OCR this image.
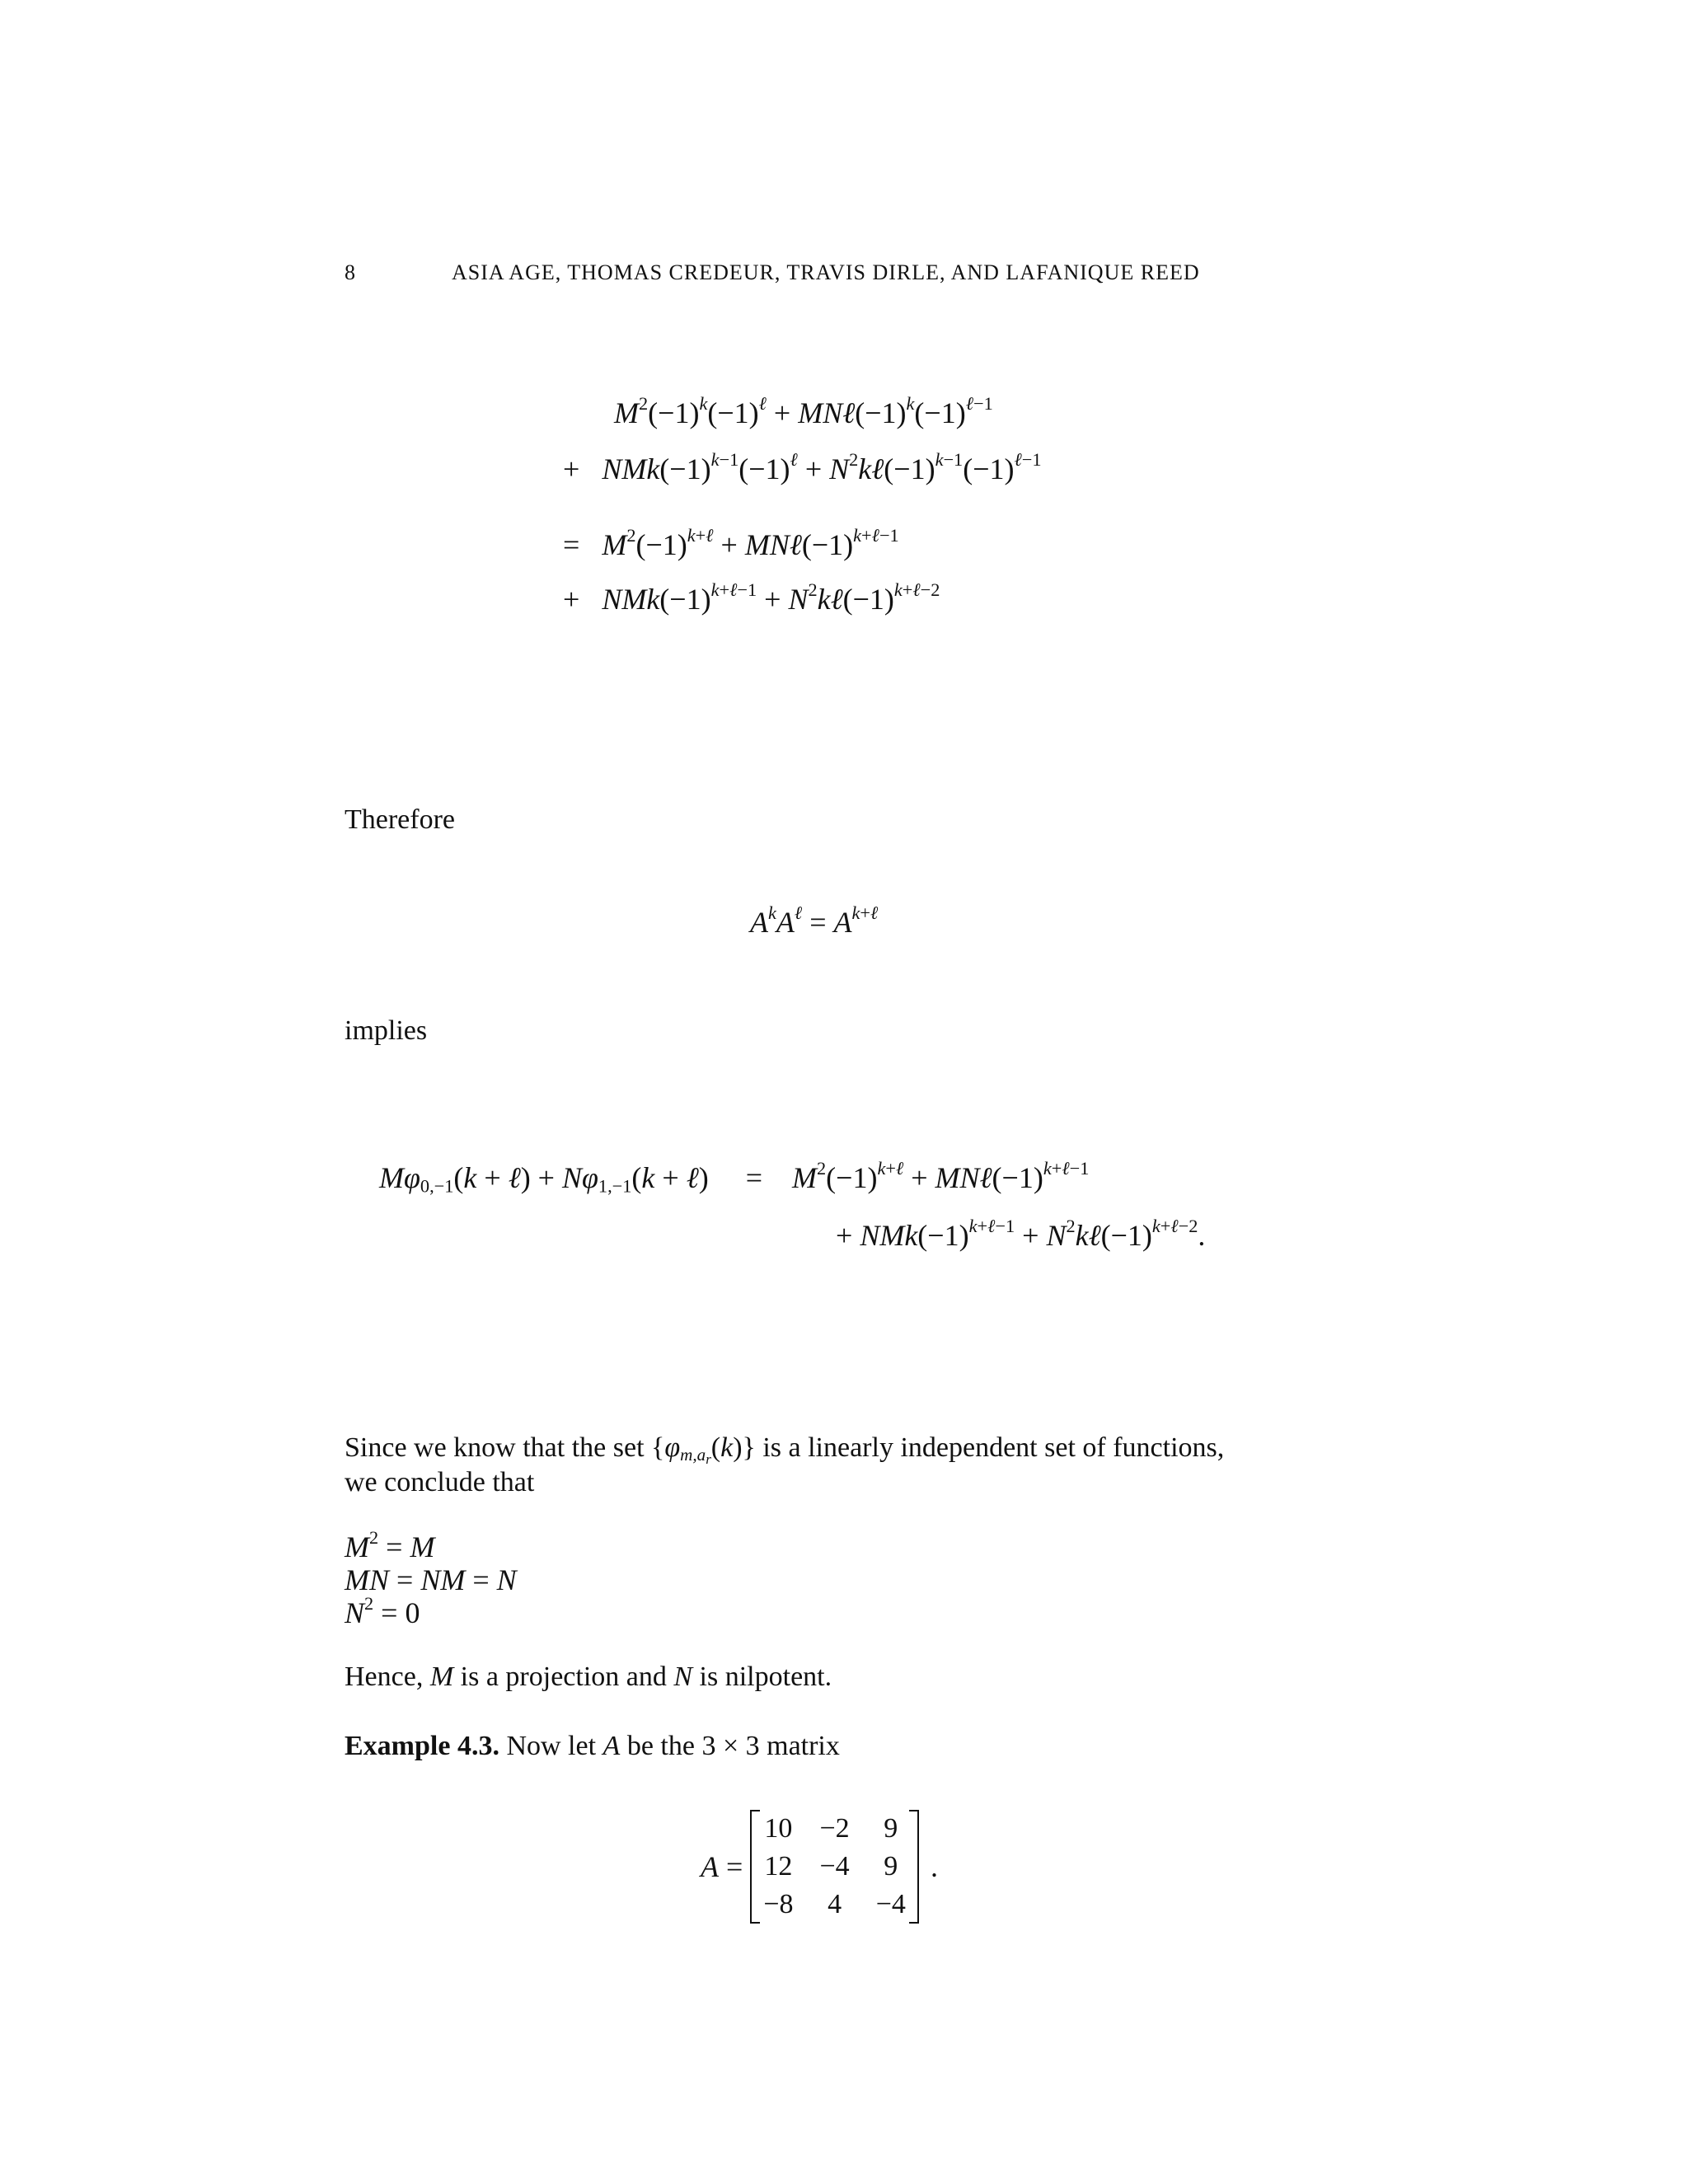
8	ASIA AGE, THOMAS CREDEUR, TRAVIS DIRLE, AND LAFANIQUE REED
$M^2(-1)^k(-1)^\ell$ + $MN\ell(-1)^k(-1)^{\ell-1}$
+   $NMk(-1)^{k-1}(-1)^\ell$ + $N^2k\ell(-1)^{k-1}(-1)^{\ell-1}$
=   $M^2(-1)^{k+\ell}$ + $MN\ell(-1)^{k+\ell-1}$
+   $NMk(-1)^{k+\ell-1}$ + $N^2k\ell(-1)^{k+\ell-2}$
Therefore
$A^kA^\ell = A^{k+\ell}$
implies
$M\varphi_{0,-1}(k$ + ℓ) + $N\varphi_{1,-1}(k$ + ℓ)     =    $M^2(-1)^{k+\ell}$ + $MN\ell(-1)^{k+\ell-1}$
+ $NMk(-1)^{k+\ell-1}$ + $N^2k\ell(-1)^{k+\ell-2}$.
Since we know that the set $\{\varphi_{m,a_r}(k)\}$ is a linearly independent set of functions,
we conclude that
$M^2 = M$
MN = NM = N
$N^2 = 0$
Hence, M is a projection and N is nilpotent.
Example 4.3. Now let A be the 3 × 3 matrix
A =
10	−2	9
12	−4	9
−8	4	−4
.
